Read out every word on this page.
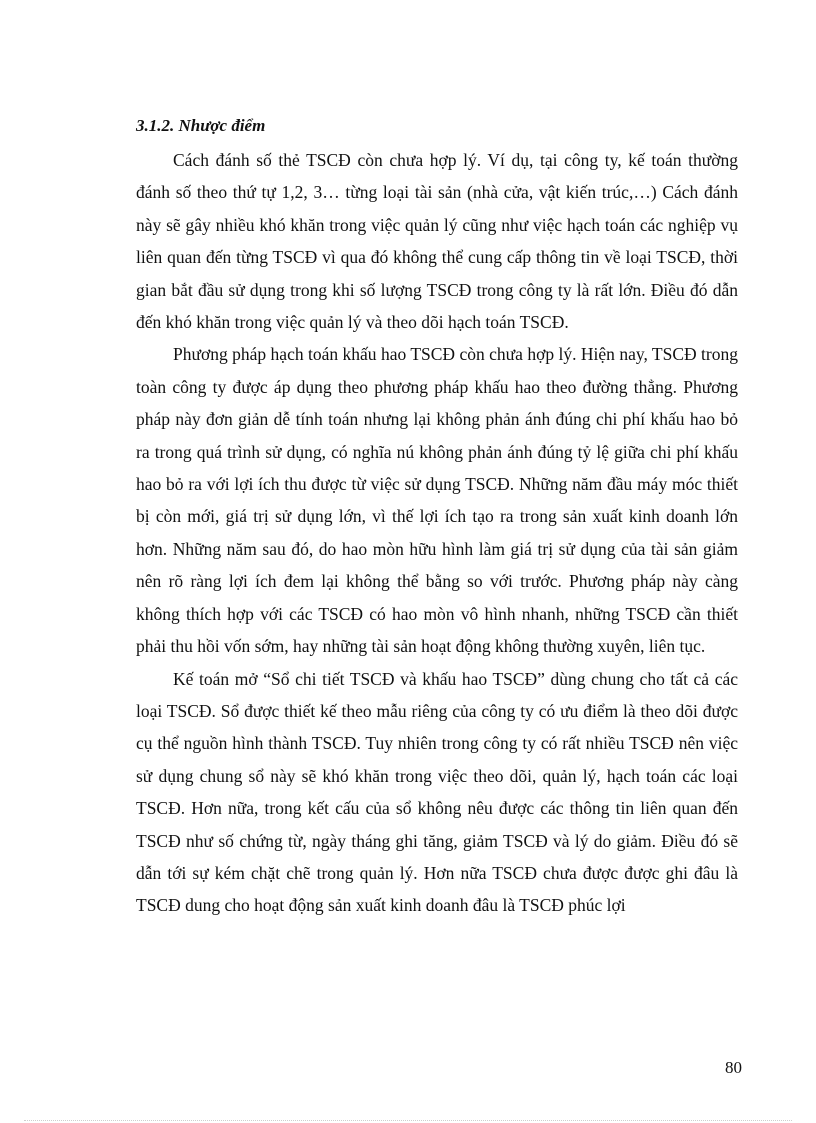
3.1.2. Nhược điểm

Cách đánh số thẻ TSCĐ còn chưa hợp lý. Ví dụ, tại công ty, kế toán thường đánh số theo thứ tự 1,2, 3… từng loại tài sản (nhà cửa, vật kiến trúc,…) Cách đánh này sẽ gây nhiều khó khăn trong việc quản lý cũng như việc hạch toán các nghiệp vụ liên quan đến từng TSCĐ vì qua đó không thể cung cấp thông tin về loại TSCĐ, thời gian bắt đầu sử dụng trong khi số lượng TSCĐ trong công ty là rất lớn. Điều đó dẫn đến khó khăn trong việc quản lý và theo dõi hạch toán TSCĐ.

Phương pháp hạch toán khấu hao TSCĐ còn chưa hợp lý. Hiện nay, TSCĐ trong toàn công ty được áp dụng theo phương pháp khấu hao theo đường thẳng. Phương pháp này đơn giản dễ tính toán nhưng lại không phản ánh đúng chi phí khấu hao bỏ ra trong quá trình sử dụng, có nghĩa nú không phản ánh đúng tỷ lệ giữa chi phí khấu hao bỏ ra với lợi ích thu được từ việc sử dụng TSCĐ. Những năm đầu máy móc thiết bị còn mới, giá trị sử dụng lớn, vì thế lợi ích tạo ra trong sản xuất kinh doanh lớn hơn. Những năm sau đó, do hao mòn hữu hình làm giá trị sử dụng của tài sản giảm nên rõ ràng lợi ích đem lại không thể bằng so với trước. Phương pháp này càng không thích hợp với các TSCĐ có hao mòn vô hình nhanh, những TSCĐ cần thiết phải thu hồi vốn sớm, hay những tài sản hoạt động không thường xuyên, liên tục.

Kế toán mở “Sổ chi tiết TSCĐ và khấu hao TSCĐ” dùng chung cho tất cả các loại TSCĐ. Sổ được thiết kế theo mẫu riêng của công ty có ưu điểm là theo dõi được cụ thể nguồn hình thành TSCĐ. Tuy nhiên trong công ty có rất nhiều TSCĐ nên việc sử dụng chung sổ này sẽ khó khăn trong việc theo dõi, quản lý, hạch toán các loại TSCĐ. Hơn nữa, trong kết cấu của sổ không nêu được các thông tin liên quan đến TSCĐ như số chứng từ, ngày tháng ghi tăng, giảm TSCĐ và lý do giảm. Điều đó sẽ dẫn tới sự kém chặt chẽ trong quản lý. Hơn nữa TSCĐ chưa được được ghi đâu là TSCĐ dung cho hoạt động sản xuất kinh doanh đâu là TSCĐ phúc lợi

80
